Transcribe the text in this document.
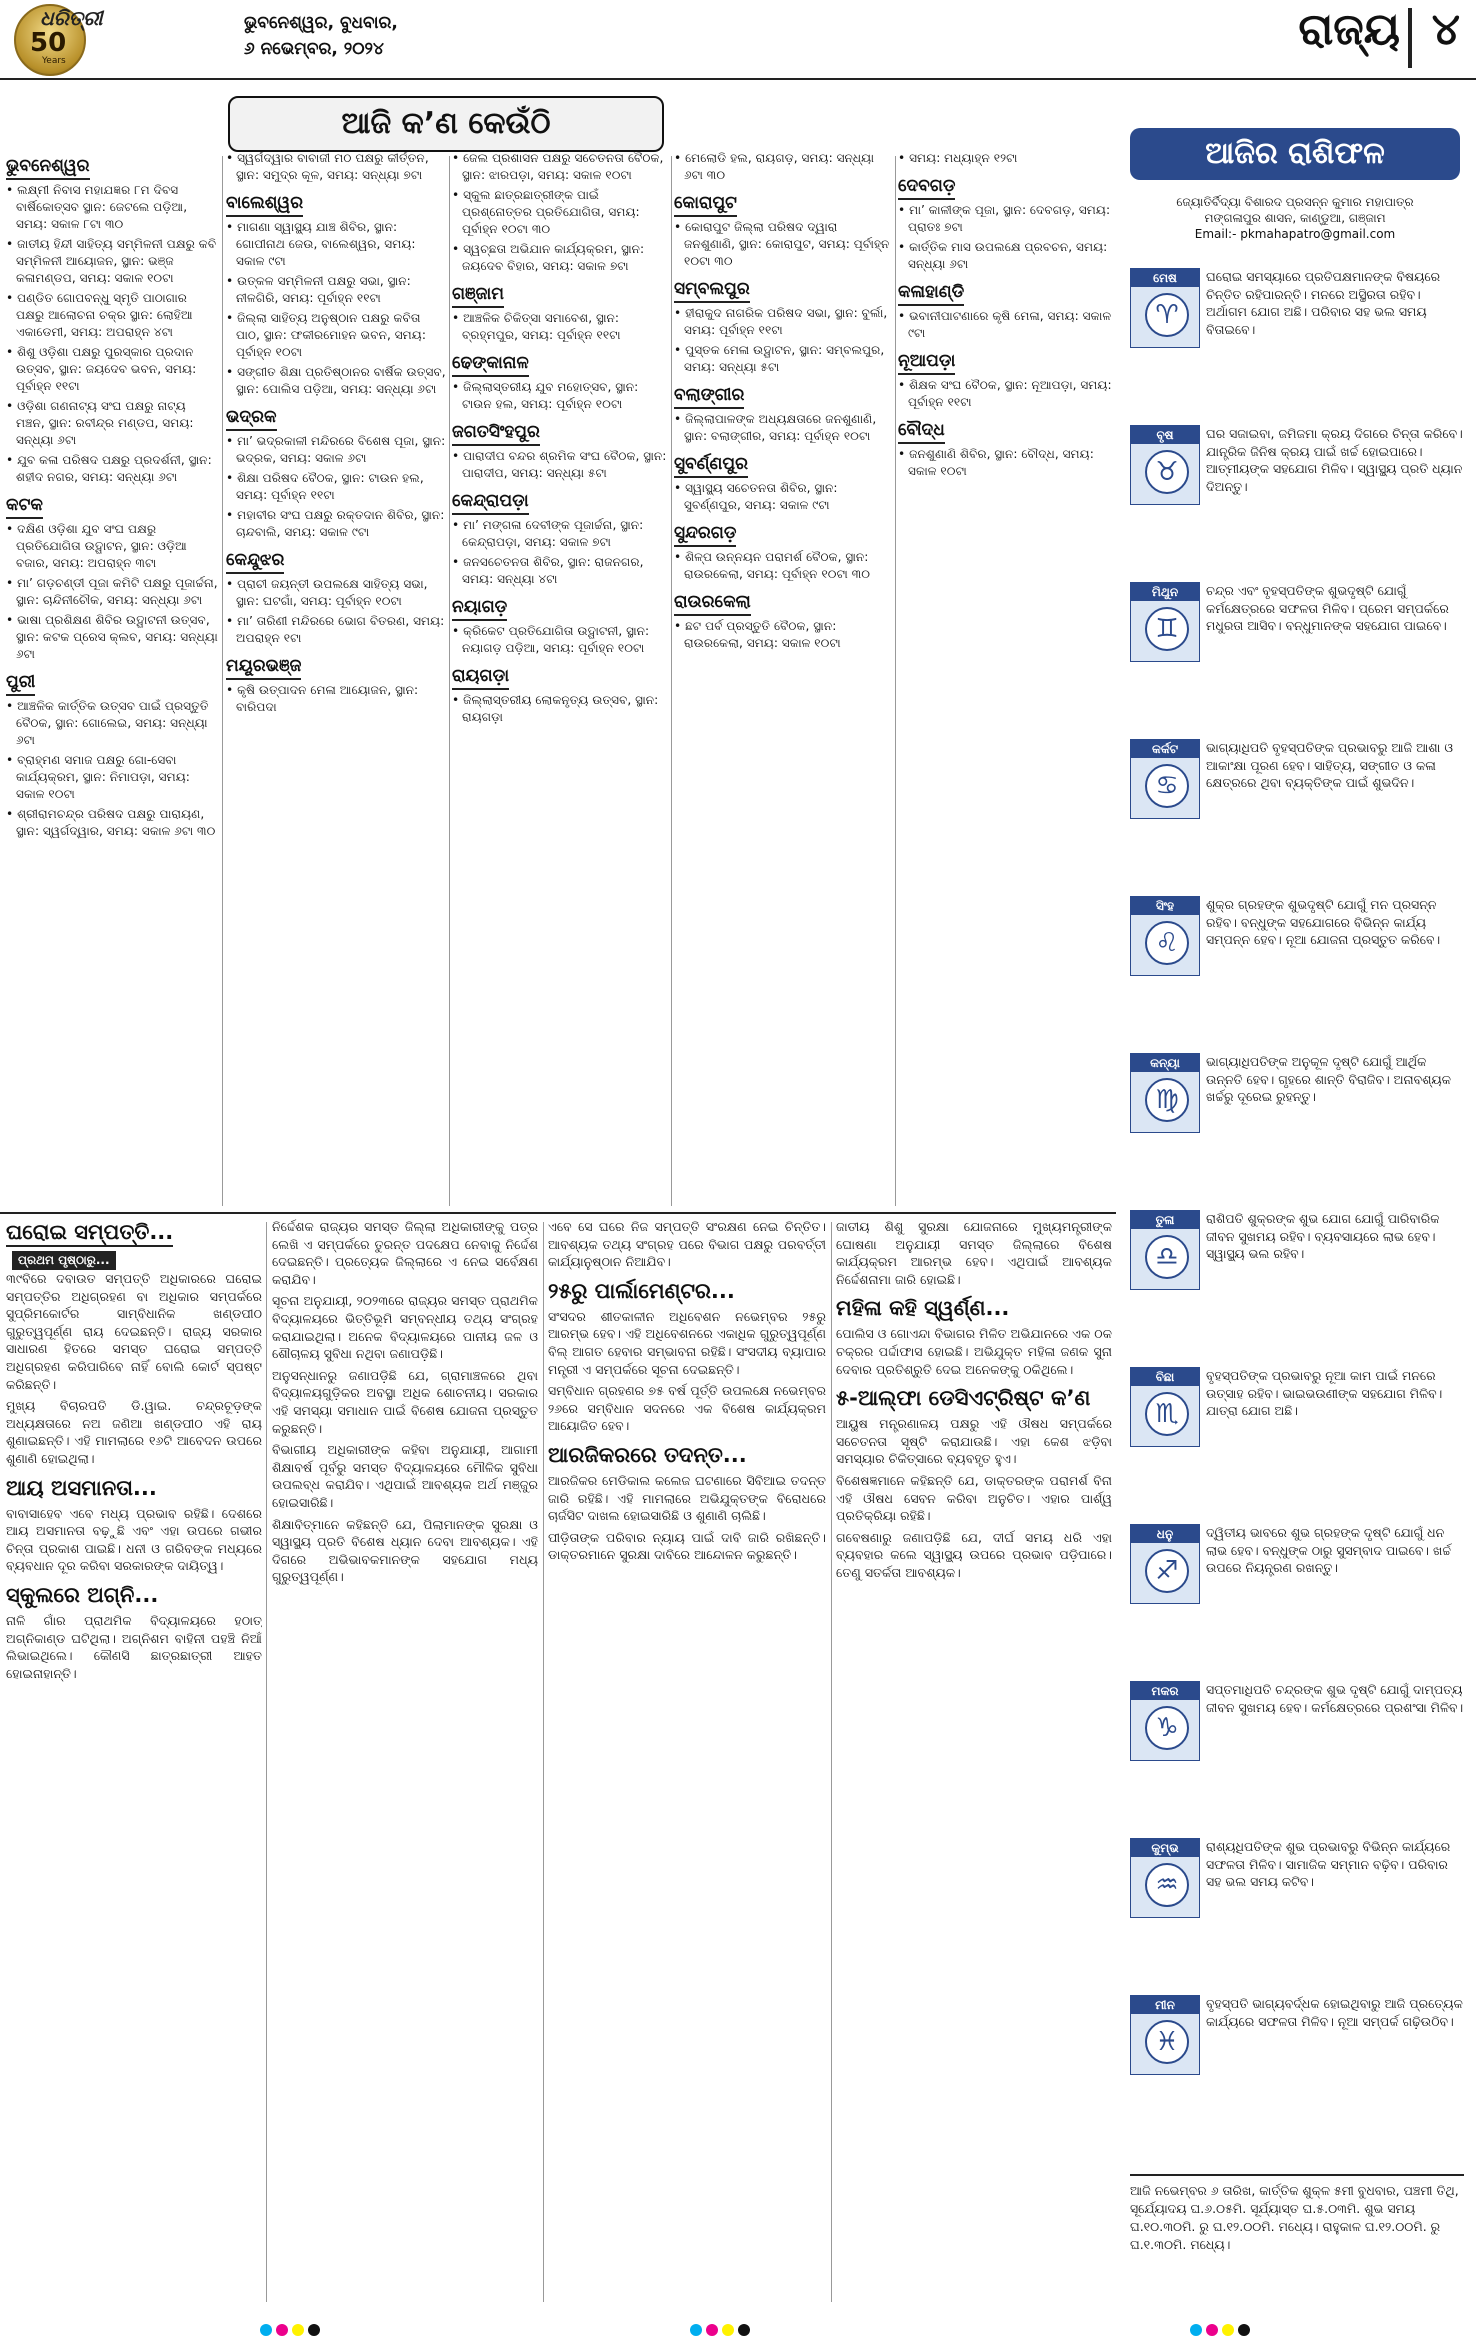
ଧରିତ୍ରୀ
50
Years
ଭୁବନେଶ୍ୱର, ବୁଧବାର,
୬ ନଭେମ୍ବର, ୨୦୨୪	ରାଜ୍ୟ ୪
ଆଜି କ’ଣ କେଉଁଠି
ଭୁବନେଶ୍ୱର
• ଲକ୍ଷ୍ମୀ ନିବାସ ମହାଯଜ୍ଞର ୮ମ ଦିବସ ବାର୍ଷିକୋତ୍ସବ ସ୍ଥାନ: ଜେଟଲେ ପଡ଼ିଆ, ସମୟ: ସକାଳ ୮ଟା ୩୦
• ଜାତୀୟ ହିନ୍ଦୀ ସାହିତ୍ୟ ସମ୍ମିଳନୀ ପକ୍ଷରୁ କବି ସମ୍ମିଳନୀ ଆୟୋଜନ, ସ୍ଥାନ: ଭଞ୍ଜ କଳାମଣ୍ଡପ, ସମୟ: ସକାଳ ୧୦ଟା
• ପଣ୍ଡିତ ଗୋପବନ୍ଧୁ ସ୍ମୃତି ପାଠାଗାର ପକ୍ଷରୁ ଆଲୋଚନା ଚକ୍ର ସ୍ଥାନ: ଲୋହିଆ ଏକାଡେମୀ, ସମୟ: ଅପରାହ୍ନ ୪ଟା
• ଶିଶୁ ଓଡ଼ିଶା ପକ୍ଷରୁ ପୁରସ୍କାର ପ୍ରଦାନ ଉତ୍ସବ, ସ୍ଥାନ: ଜୟଦେବ ଭବନ, ସମୟ: ପୂର୍ବାହ୍ନ ୧୧ଟା
• ଓଡ଼ିଶା ଗଣନାଟ୍ୟ ସଂଘ ପକ୍ଷରୁ ନାଟ୍ୟ ମଞ୍ଚନ, ସ୍ଥାନ: ରବୀନ୍ଦ୍ର ମଣ୍ଡପ, ସମୟ: ସନ୍ଧ୍ୟା ୬ଟା
• ଯୁବ କଳା ପରିଷଦ ପକ୍ଷରୁ ପ୍ରଦର୍ଶନୀ, ସ୍ଥାନ: ଶହୀଦ ନଗର, ସମୟ: ସନ୍ଧ୍ୟା ୬ଟା
କଟକ
• ଦକ୍ଷିଣ ଓଡ଼ିଶା ଯୁବ ସଂଘ ପକ୍ଷରୁ ପ୍ରତିଯୋଗିତା ଉଦ୍ଘାଟନ, ସ୍ଥାନ: ଓଡ଼ିଆ ବଜାର, ସମୟ: ଅପରାହ୍ନ ୩ଟା
• ମା’ ଗଡ଼ଚଣ୍ଡୀ ପୂଜା କମିଟି ପକ୍ଷରୁ ପୂଜାର୍ଚ୍ଚନା, ସ୍ଥାନ: ଚାନ୍ଦିନୀଚୌକ, ସମୟ: ସନ୍ଧ୍ୟା ୬ଟା
• ଭାଷା ପ୍ରଶିକ୍ଷଣ ଶିବିର ଉଦ୍ଘାଟନୀ ଉତ୍ସବ, ସ୍ଥାନ: କଟକ ପ୍ରେସ କ୍ଲବ, ସମୟ: ସନ୍ଧ୍ୟା ୬ଟା
ପୁରୀ
• ଆଞ୍ଚଳିକ କାର୍ତ୍ତିକ ଉତ୍ସବ ପାଇଁ ପ୍ରସ୍ତୁତି ବୈଠକ, ସ୍ଥାନ: ଗୋଲେଇ, ସମୟ: ସନ୍ଧ୍ୟା ୬ଟା
• ବ୍ରାହ୍ମଣ ସମାଜ ପକ୍ଷରୁ ଗୋ-ସେବା କାର୍ଯ୍ୟକ୍ରମ, ସ୍ଥାନ: ନିମାପଡ଼ା, ସମୟ: ସକାଳ ୧୦ଟା
• ଶ୍ରୀରାମଚନ୍ଦ୍ର ପରିଷଦ ପକ୍ଷରୁ ପାରାୟଣ, ସ୍ଥାନ: ସ୍ୱର୍ଗଦ୍ୱାର, ସମୟ: ସକାଳ ୬ଟା ୩୦
• ସ୍ୱର୍ଗଦ୍ୱାର ବାବାଜୀ ମଠ ପକ୍ଷରୁ କୀର୍ତ୍ତନ, ସ୍ଥାନ: ସମୁଦ୍ର କୂଳ, ସମୟ: ସନ୍ଧ୍ୟା ୭ଟା
ବାଲେଶ୍ୱର
• ମାଗଣା ସ୍ୱାସ୍ଥ୍ୟ ଯାଞ୍ଚ ଶିବିର, ସ୍ଥାନ: ଗୋପୀନାଥ ଜେଉ, ବାଲେଶ୍ୱର, ସମୟ: ସକାଳ ୯ଟା
• ଉତ୍କଳ ସମ୍ମିଳନୀ ପକ୍ଷରୁ ସଭା, ସ୍ଥାନ: ନୀଳଗିରି, ସମୟ: ପୂର୍ବାହ୍ନ ୧୧ଟା
• ଜିଲ୍ଲା ସାହିତ୍ୟ ଅନୁଷ୍ଠାନ ପକ୍ଷରୁ କବିତା ପାଠ, ସ୍ଥାନ: ଫକୀରମୋହନ ଭବନ, ସମୟ: ପୂର୍ବାହ୍ନ ୧୦ଟା
• ସଙ୍ଗୀତ ଶିକ୍ଷା ପ୍ରତିଷ୍ଠାନର ବାର୍ଷିକ ଉତ୍ସବ, ସ୍ଥାନ: ପୋଲିସ ପଡ଼ିଆ, ସମୟ: ସନ୍ଧ୍ୟା ୬ଟା
ଭଦ୍ରକ
• ମା’ ଭଦ୍ରକାଳୀ ମନ୍ଦିରରେ ବିଶେଷ ପୂଜା, ସ୍ଥାନ: ଭଦ୍ରକ, ସମୟ: ସକାଳ ୬ଟା
• ଶିକ୍ଷା ପରିଷଦ ବୈଠକ, ସ୍ଥାନ: ଟାଉନ ହଲ, ସମୟ: ପୂର୍ବାହ୍ନ ୧୧ଟା
• ମହାବୀର ସଂଘ ପକ୍ଷରୁ ରକ୍ତଦାନ ଶିବିର, ସ୍ଥାନ: ଚାନ୍ଦବାଲି, ସମୟ: ସକାଳ ୯ଟା
କେନ୍ଦୁଝର
• ପ୍ରାଚୀ ଜୟନ୍ତୀ ଉପଲକ୍ଷେ ସାହିତ୍ୟ ସଭା, ସ୍ଥାନ: ଘଟଗାଁ, ସମୟ: ପୂର୍ବାହ୍ନ ୧୦ଟା
• ମା’ ତାରିଣୀ ମନ୍ଦିରରେ ଭୋଗ ବିତରଣ, ସମୟ: ଅପରାହ୍ନ ୧ଟା
ମୟୂରଭଞ୍ଜ
• କୃଷି ଉତ୍ପାଦନ ମେଳା ଆୟୋଜନ, ସ୍ଥାନ: ବାରିପଦା
• ଜେଲ ପ୍ରଶାସନ ପକ୍ଷରୁ ସଚେତନତା ବୈଠକ, ସ୍ଥାନ: ଝାରପଡ଼ା, ସମୟ: ସକାଳ ୧୦ଟା
• ସ୍କୁଲ ଛାତ୍ରଛାତ୍ରୀଙ୍କ ପାଇଁ ପ୍ରଶ୍ନୋତ୍ତର ପ୍ରତିଯୋଗିତା, ସମୟ: ପୂର୍ବାହ୍ନ ୧୦ଟା ୩୦
• ସ୍ୱଚ୍ଛତା ଅଭିଯାନ କାର୍ଯ୍ୟକ୍ରମ, ସ୍ଥାନ: ଜୟଦେବ ବିହାର, ସମୟ: ସକାଳ ୭ଟା
ଗଞ୍ଜାମ
• ଆଞ୍ଚଳିକ ଚିକିତ୍ସା ସମାବେଶ, ସ୍ଥାନ: ବ୍ରହ୍ମପୁର, ସମୟ: ପୂର୍ବାହ୍ନ ୧୧ଟା
ଢେଙ୍କାନାଳ
• ଜିଲ୍ଲାସ୍ତରୀୟ ଯୁବ ମହୋତ୍ସବ, ସ୍ଥାନ: ଟାଉନ ହଲ, ସମୟ: ପୂର୍ବାହ୍ନ ୧୦ଟା
ଜଗତସିଂହପୁର
• ପାରାଦୀପ ବନ୍ଦର ଶ୍ରମିକ ସଂଘ ବୈଠକ, ସ୍ଥାନ: ପାରାଦୀପ, ସମୟ: ସନ୍ଧ୍ୟା ୫ଟା
କେନ୍ଦ୍ରାପଡ଼ା
• ମା’ ମଙ୍ଗଳା ଦେବୀଙ୍କ ପୂଜାର୍ଚ୍ଚନା, ସ୍ଥାନ: କେନ୍ଦ୍ରାପଡ଼ା, ସମୟ: ସକାଳ ୭ଟା
• ଜନସଚେତନତା ଶିବିର, ସ୍ଥାନ: ରାଜନଗର, ସମୟ: ସନ୍ଧ୍ୟା ୪ଟା
ନୟାଗଡ଼
• କ୍ରିକେଟ ପ୍ରତିଯୋଗିତା ଉଦ୍ଘାଟନୀ, ସ୍ଥାନ: ନୟାଗଡ଼ ପଡ଼ିଆ, ସମୟ: ପୂର୍ବାହ୍ନ ୧୦ଟା
ରାୟଗଡ଼ା
• ଜିଲ୍ଲାସ୍ତରୀୟ ଲୋକନୃତ୍ୟ ଉତ୍ସବ, ସ୍ଥାନ: ରାୟଗଡ଼ା
• ମେଲୋଡି ହଲ, ରାୟଗଡ଼, ସମୟ: ସନ୍ଧ୍ୟା ୬ଟା ୩୦
କୋରାପୁଟ
• କୋରାପୁଟ ଜିଲ୍ଲା ପରିଷଦ ଦ୍ୱାରା ଜନଶୁଣାଣି, ସ୍ଥାନ: କୋରାପୁଟ, ସମୟ: ପୂର୍ବାହ୍ନ ୧୦ଟା ୩୦
ସମ୍ବଲପୁର
• ହୀରାକୁଦ ନାଗରିକ ପରିଷଦ ସଭା, ସ୍ଥାନ: ବୁର୍ଲା, ସମୟ: ପୂର୍ବାହ୍ନ ୧୧ଟା
• ପୁସ୍ତକ ମେଳା ଉଦ୍ଘାଟନ, ସ୍ଥାନ: ସମ୍ବଲପୁର, ସମୟ: ସନ୍ଧ୍ୟା ୫ଟା
ବଲାଙ୍ଗୀର
• ଜିଲ୍ଲାପାଳଙ୍କ ଅଧ୍ୟକ୍ଷତାରେ ଜନଶୁଣାଣି, ସ୍ଥାନ: ବଲାଙ୍ଗୀର, ସମୟ: ପୂର୍ବାହ୍ନ ୧୦ଟା
ସୁବର୍ଣ୍ଣପୁର
• ସ୍ୱାସ୍ଥ୍ୟ ସଚେତନତା ଶିବିର, ସ୍ଥାନ: ସୁବର୍ଣ୍ଣପୁର, ସମୟ: ସକାଳ ୯ଟା
ସୁନ୍ଦରଗଡ଼
• ଶିଳ୍ପ ଉନ୍ନୟନ ପରାମର୍ଶ ବୈଠକ, ସ୍ଥାନ: ରାଉରକେଲା, ସମୟ: ପୂର୍ବାହ୍ନ ୧୦ଟା ୩୦
ରାଉରକେଲା
• ଛଟ ପର୍ବ ପ୍ରସ୍ତୁତି ବୈଠକ, ସ୍ଥାନ: ରାଉରକେଲା, ସମୟ: ସକାଳ ୧୦ଟା
• ସମୟ: ମଧ୍ୟାହ୍ନ ୧୨ଟା
ଦେବଗଡ଼
• ମା’ କାଳୀଙ୍କ ପୂଜା, ସ୍ଥାନ: ଦେବଗଡ଼, ସମୟ: ପ୍ରାତଃ ୭ଟା
• କାର୍ତ୍ତିକ ମାସ ଉପଲକ୍ଷେ ପ୍ରବଚନ, ସମୟ: ସନ୍ଧ୍ୟା ୬ଟା
କଳାହାଣ୍ଡି
• ଭବାନୀପାଟଣାରେ କୃଷି ମେଳା, ସମୟ: ସକାଳ ୯ଟା
ନୂଆପଡ଼ା
• ଶିକ୍ଷକ ସଂଘ ବୈଠକ, ସ୍ଥାନ: ନୂଆପଡ଼ା, ସମୟ: ପୂର୍ବାହ୍ନ ୧୧ଟା
ବୌଦ୍ଧ
• ଜନଶୁଣାଣି ଶିବିର, ସ୍ଥାନ: ବୌଦ୍ଧ, ସମୟ: ସକାଳ ୧୦ଟା
ଆଜିର ରାଶିଫଳ
ଜ୍ୟୋତିର୍ବିଦ୍ୟା ବିଶାରଦ ପ୍ରସନ୍ନ କୁମାର ମହାପାତ୍ର
ମଙ୍ଗଳାପୁର ଶାସନ, କାଣ୍ଡୁଆ, ଗଞ୍ଜାମ
Email:- pkmahapatro@gmail.com
ମେଷ
♈
ଘରୋଇ ସମସ୍ୟାରେ ପ୍ରତିପକ୍ଷମାନଙ୍କ ବିଷୟରେ ଚିନ୍ତିତ ରହିପାରନ୍ତି। ମନରେ ଅସ୍ଥିରତା ରହିବ। ଅର୍ଥାଗମ ଯୋଗ ଅଛି। ପରିବାର ସହ ଭଲ ସମୟ ବିତାଇବେ।
ବୃଷ
♉
ଘର ସଜାଇବା, ଜମିଜମା କ୍ରୟ ଦିଗରେ ଚିନ୍ତା କରିବେ। ଯାନ୍ତ୍ରିକ ଜିନିଷ କ୍ରୟ ପାଇଁ ଖର୍ଚ୍ଚ ହୋଇପାରେ। ଆତ୍ମୀୟଙ୍କ ସହଯୋଗ ମିଳିବ। ସ୍ୱାସ୍ଥ୍ୟ ପ୍ରତି ଧ୍ୟାନ ଦିଅନ୍ତୁ।
ମିଥୁନ
♊
ଚନ୍ଦ୍ର ଏବଂ ବୃହସ୍ପତିଙ୍କ ଶୁଭଦୃଷ୍ଟି ଯୋଗୁଁ କର୍ମକ୍ଷେତ୍ରରେ ସଫଳତା ମିଳିବ। ପ୍ରେମ ସମ୍ପର୍କରେ ମଧୁରତା ଆସିବ। ବନ୍ଧୁମାନଙ୍କ ସହଯୋଗ ପାଇବେ।
କର୍କଟ
♋
ଭାଗ୍ୟାଧିପତି ବୃହସ୍ପତିଙ୍କ ପ୍ରଭାବରୁ ଆଜି ଆଶା ଓ ଆକାଂକ୍ଷା ପୂରଣ ହେବ। ସାହିତ୍ୟ, ସଙ୍ଗୀତ ଓ କଳା କ୍ଷେତ୍ରରେ ଥିବା ବ୍ୟକ୍ତିଙ୍କ ପାଇଁ ଶୁଭଦିନ।
ସିଂହ
♌
ଶୁକ୍ର ଗ୍ରହଙ୍କ ଶୁଭଦୃଷ୍ଟି ଯୋଗୁଁ ମନ ପ୍ରସନ୍ନ ରହିବ। ବନ୍ଧୁଙ୍କ ସହଯୋଗରେ ବିଭିନ୍ନ କାର୍ଯ୍ୟ ସମ୍ପନ୍ନ ହେବ। ନୂଆ ଯୋଜନା ପ୍ରସ୍ତୁତ କରିବେ।
କନ୍ୟା
♍
ଭାଗ୍ୟାଧିପତିଙ୍କ ଅନୁକୂଳ ଦୃଷ୍ଟି ଯୋଗୁଁ ଆର୍ଥିକ ଉନ୍ନତି ହେବ। ଗୃହରେ ଶାନ୍ତି ବିରାଜିବ। ଅନାବଶ୍ୟକ ଖର୍ଚ୍ଚରୁ ଦୂରେଇ ରୁହନ୍ତୁ।
ତୁଳା
♎
ରାଶିପତି ଶୁକ୍ରଙ୍କ ଶୁଭ ଯୋଗ ଯୋଗୁଁ ପାରିବାରିକ ଜୀବନ ସୁଖମୟ ରହିବ। ବ୍ୟବସାୟରେ ଲାଭ ହେବ। ସ୍ୱାସ୍ଥ୍ୟ ଭଲ ରହିବ।
ବିଛା
♏
ବୃହସ୍ପତିଙ୍କ ପ୍ରଭାବରୁ ନୂଆ କାମ ପାଇଁ ମନରେ ଉତ୍ସାହ ରହିବ। ଭାଇଭଉଣୀଙ୍କ ସହଯୋଗ ମିଳିବ। ଯାତ୍ରା ଯୋଗ ଅଛି।
ଧନୁ
♐
ଦ୍ୱିତୀୟ ଭାବରେ ଶୁଭ ଗ୍ରହଙ୍କ ଦୃଷ୍ଟି ଯୋଗୁଁ ଧନ ଲାଭ ହେବ। ବନ୍ଧୁଙ୍କ ଠାରୁ ସୁସମ୍ବାଦ ପାଇବେ। ଖର୍ଚ୍ଚ ଉପରେ ନିୟନ୍ତ୍ରଣ ରଖନ୍ତୁ।
ମକର
♑
ସପ୍ତମାଧିପତି ଚନ୍ଦ୍ରଙ୍କ ଶୁଭ ଦୃଷ୍ଟି ଯୋଗୁଁ ଦାମ୍ପତ୍ୟ ଜୀବନ ସୁଖମୟ ହେବ। କର୍ମକ୍ଷେତ୍ରରେ ପ୍ରଶଂସା ମିଳିବ।
କୁମ୍ଭ
♒
ରାଶ୍ୟଧିପତିଙ୍କ ଶୁଭ ପ୍ରଭାବରୁ ବିଭିନ୍ନ କାର୍ଯ୍ୟରେ ସଫଳତା ମିଳିବ। ସାମାଜିକ ସମ୍ମାନ ବଢ଼ିବ। ପରିବାର ସହ ଭଲ ସମୟ କଟିବ।
ମୀନ
♓
ବୃହସ୍ପତି ଭାଗ୍ୟବର୍ଦ୍ଧକ ହୋଇଥିବାରୁ ଆଜି ପ୍ରତ୍ୟେକ କାର୍ଯ୍ୟରେ ସଫଳତା ମିଳିବ। ନୂଆ ସମ୍ପର୍କ ଗଢ଼ିଉଠିବ।
ଆଜି ନଭେମ୍ବର ୬ ତାରିଖ, କାର୍ତ୍ତିକ ଶୁକ୍ଳ ୫ମୀ ବୁଧବାର, ପଞ୍ଚମୀ ତିଥି, ସୂର୍ଯ୍ୟୋଦୟ ଘ.୬.୦୫ମି. ସୂର୍ଯ୍ୟାସ୍ତ ଘ.୫.୦୩ମି. ଶୁଭ ସମୟ ଘ.୧୦.୩୦ମି. ରୁ ଘ.୧୨.୦୦ମି. ମଧ୍ୟେ। ରାହୁକାଳ ଘ.୧୨.୦୦ମି. ରୁ ଘ.୧.୩୦ମି. ମଧ୍ୟେ।
ଘରୋଇ ସମ୍ପତ୍ତି... ପ୍ରଥମ ପୃଷ୍ଠାରୁ...

୩୯ବିରେ ଦବାଉତ ସମ୍ପତ୍ତି ଅଧିକାରରେ ଘରୋଇ ସମ୍ପତ୍ତିର ଅଧିଗ୍ରହଣ ବା ଅଧିକାର ସମ୍ପର୍କରେ ସୁପ୍ରିମକୋର୍ଟର ସାମ୍ବିଧାନିକ ଖଣ୍ଡପୀଠ ଗୁରୁତ୍ୱପୂର୍ଣ୍ଣ ରାୟ ଦେଇଛନ୍ତି। ରାଜ୍ୟ ସରକାର ସାଧାରଣ ହିତରେ ସମସ୍ତ ଘରୋଇ ସମ୍ପତ୍ତି ଅଧିଗ୍ରହଣ କରିପାରିବେ ନାହିଁ ବୋଲି କୋର୍ଟ ସ୍ପଷ୍ଟ କରିଛନ୍ତି।

ମୁଖ୍ୟ ବିଚାରପତି ଡି.ୱାଇ. ଚନ୍ଦ୍ରଚୂଡ଼ଙ୍କ ଅଧ୍ୟକ୍ଷତାରେ ନଅ ଜଣିଆ ଖଣ୍ଡପୀଠ ଏହି ରାୟ ଶୁଣାଇଛନ୍ତି। ଏହି ମାମଲାରେ ୧୬ଟି ଆବେଦନ ଉପରେ ଶୁଣାଣି ହୋଇଥିଲା।

ଆୟ ଅସମାନତା...

ବାବାସାହେବ ଏବେ ମଧ୍ୟ ପ୍ରଭାବ ରହିଛି। ଦେଶରେ ଆୟ ଅସମାନତା ବଢ଼ୁଛି ଏବଂ ଏହା ଉପରେ ଗଭୀର ଚିନ୍ତା ପ୍ରକାଶ ପାଇଛି। ଧନୀ ଓ ଗରିବଙ୍କ ମଧ୍ୟରେ ବ୍ୟବଧାନ ଦୂର କରିବା ସରକାରଙ୍କ ଦାୟିତ୍ୱ।

ସ୍କୁଲରେ ଅଗ୍ନି...

ନାଳି ଗାଁର ପ୍ରାଥମିକ ବିଦ୍ୟାଳୟରେ ହଠାତ୍ ଅଗ୍ନିକାଣ୍ଡ ଘଟିଥିଲା। ଅଗ୍ନିଶମ ବାହିନୀ ପହଞ୍ଚି ନିଆଁ ଲିଭାଇଥିଲେ। କୌଣସି ଛାତ୍ରଛାତ୍ରୀ ଆହତ ହୋଇନାହାନ୍ତି।

ନିର୍ଦ୍ଦେଶକ ରାଜ୍ୟର ସମସ୍ତ ଜିଲ୍ଲା ଅଧିକାରୀଙ୍କୁ ପତ୍ର ଲେଖି ଏ ସମ୍ପର୍କରେ ତୁରନ୍ତ ପଦକ୍ଷେପ ନେବାକୁ ନିର୍ଦ୍ଦେଶ ଦେଇଛନ୍ତି। ପ୍ରତ୍ୟେକ ଜିଲ୍ଲାରେ ଏ ନେଇ ସର୍ବେକ୍ଷଣ କରାଯିବ।

ସୂଚନା ଅନୁଯାୟୀ, ୨୦୨୩ରେ ରାଜ୍ୟର ସମସ୍ତ ପ୍ରାଥମିକ ବିଦ୍ୟାଳୟରେ ଭିତ୍ତିଭୂମି ସମ୍ବନ୍ଧୀୟ ତଥ୍ୟ ସଂଗ୍ରହ କରାଯାଇଥିଲା। ଅନେକ ବିଦ୍ୟାଳୟରେ ପାନୀୟ ଜଳ ଓ ଶୌଚାଳୟ ସୁବିଧା ନଥିବା ଜଣାପଡ଼ିଛି।

ଅନୁସନ୍ଧାନରୁ ଜଣାପଡ଼ିଛି ଯେ, ଗ୍ରାମାଞ୍ଚଳରେ ଥିବା ବିଦ୍ୟାଳୟଗୁଡ଼ିକର ଅବସ୍ଥା ଅଧିକ ଶୋଚନୀୟ। ସରକାର ଏହି ସମସ୍ୟା ସମାଧାନ ପାଇଁ ବିଶେଷ ଯୋଜନା ପ୍ରସ୍ତୁତ କରୁଛନ୍ତି।

ବିଭାଗୀୟ ଅଧିକାରୀଙ୍କ କହିବା ଅନୁଯାୟୀ, ଆଗାମୀ ଶିକ୍ଷାବର୍ଷ ପୂର୍ବରୁ ସମସ୍ତ ବିଦ୍ୟାଳୟରେ ମୌଳିକ ସୁବିଧା ଉପଲବ୍ଧ କରାଯିବ। ଏଥିପାଇଁ ଆବଶ୍ୟକ ଅର୍ଥ ମଞ୍ଜୁର ହୋଇସାରିଛି।

ଶିକ୍ଷାବିତ୍‌ମାନେ କହିଛନ୍ତି ଯେ, ପିଲାମାନଙ୍କ ସୁରକ୍ଷା ଓ ସ୍ୱାସ୍ଥ୍ୟ ପ୍ରତି ବିଶେଷ ଧ୍ୟାନ ଦେବା ଆବଶ୍ୟକ। ଏହି ଦିଗରେ ଅଭିଭାବକମାନଙ୍କ ସହଯୋଗ ମଧ୍ୟ ଗୁରୁତ୍ୱପୂର୍ଣ୍ଣ।

ଏବେ ସେ ଘରେ ନିଜ ସମ୍ପତ୍ତି ସଂରକ୍ଷଣ ନେଇ ଚିନ୍ତିତ। ଆବଶ୍ୟକ ତଥ୍ୟ ସଂଗ୍ରହ ପରେ ବିଭାଗ ପକ୍ଷରୁ ପରବର୍ତ୍ତୀ କାର୍ଯ୍ୟାନୁଷ୍ଠାନ ନିଆଯିବ।

୨୫ରୁ ପାର୍ଲାମେଣ୍ଟର...

ସଂସଦର ଶୀତକାଳୀନ ଅଧିବେଶନ ନଭେମ୍ବର ୨୫ରୁ ଆରମ୍ଭ ହେବ। ଏହି ଅଧିବେଶନରେ ଏକାଧିକ ଗୁରୁତ୍ୱପୂର୍ଣ୍ଣ ବିଲ୍ ଆଗତ ହେବାର ସମ୍ଭାବନା ରହିଛି। ସଂସଦୀୟ ବ୍ୟାପାର ମନ୍ତ୍ରୀ ଏ ସମ୍ପର୍କରେ ସୂଚନା ଦେଇଛନ୍ତି।

ସମ୍ବିଧାନ ଗ୍ରହଣର ୭୫ ବର୍ଷ ପୂର୍ତ୍ତି ଉପଲକ୍ଷେ ନଭେମ୍ବର ୨୬ରେ ସମ୍ବିଧାନ ସଦନରେ ଏକ ବିଶେଷ କାର୍ଯ୍ୟକ୍ରମ ଆୟୋଜିତ ହେବ।

ଆରଜିକରରେ ତଦନ୍ତ...

ଆରଜିକର ମେଡିକାଲ କଲେଜ ଘଟଣାରେ ସିବିଆଇ ତଦନ୍ତ ଜାରି ରହିଛି। ଏହି ମାମଲାରେ ଅଭିଯୁକ୍ତଙ୍କ ବିରୋଧରେ ଚାର୍ଜସିଟ ଦାଖଲ ହୋଇସାରିଛି ଓ ଶୁଣାଣି ଚାଲିଛି।

ପୀଡ଼ିତାଙ୍କ ପରିବାର ନ୍ୟାୟ ପାଇଁ ଦାବି ଜାରି ରଖିଛନ୍ତି। ଡାକ୍ତରମାନେ ସୁରକ୍ଷା ଦାବିରେ ଆନ୍ଦୋଳନ କରୁଛନ୍ତି।

ଜାତୀୟ ଶିଶୁ ସୁରକ୍ଷା ଯୋଜନାରେ ମୁଖ୍ୟମନ୍ତ୍ରୀଙ୍କ ଘୋଷଣା ଅନୁଯାୟୀ ସମସ୍ତ ଜିଲ୍ଲାରେ ବିଶେଷ କାର୍ଯ୍ୟକ୍ରମ ଆରମ୍ଭ ହେବ। ଏଥିପାଇଁ ଆବଶ୍ୟକ ନିର୍ଦ୍ଦେଶନାମା ଜାରି ହୋଇଛି।

ମହିଳା କହି ସ୍ୱର୍ଣ୍ଣ...

ପୋଲିସ ଓ ଗୋଏନ୍ଦା ବିଭାଗର ମିଳିତ ଅଭିଯାନରେ ଏକ ଠକ ଚକ୍ରର ପର୍ଦ୍ଦାଫାସ ହୋଇଛି। ଅଭିଯୁକ୍ତ ମହିଳା ଜଣକ ସୁନା ଦେବାର ପ୍ରତିଶ୍ରୁତି ଦେଇ ଅନେକଙ୍କୁ ଠକିଥିଲେ।

୫-ଆଲ୍‌ଫା ଡେସିଏଟ୍‌ରିଷ୍ଟ କ’ଣ

ଆୟୁଷ ମନ୍ତ୍ରଣାଳୟ ପକ୍ଷରୁ ଏହି ଔଷଧ ସମ୍ପର୍କରେ ସଚେତନତା ସୃଷ୍ଟି କରାଯାଉଛି। ଏହା କେଶ ଝଡ଼ିବା ସମସ୍ୟାର ଚିକିତ୍ସାରେ ବ୍ୟବହୃତ ହୁଏ।

ବିଶେଷଜ୍ଞମାନେ କହିଛନ୍ତି ଯେ, ଡାକ୍ତରଙ୍କ ପରାମର୍ଶ ବିନା ଏହି ଔଷଧ ସେବନ କରିବା ଅନୁଚିତ। ଏହାର ପାର୍ଶ୍ୱ ପ୍ରତିକ୍ରିୟା ରହିଛି।

ଗବେଷଣାରୁ ଜଣାପଡ଼ିଛି ଯେ, ଦୀର୍ଘ ସମୟ ଧରି ଏହା ବ୍ୟବହାର କଲେ ସ୍ୱାସ୍ଥ୍ୟ ଉପରେ ପ୍ରଭାବ ପଡ଼ିପାରେ। ତେଣୁ ସତର୍କତା ଆବଶ୍ୟକ।
